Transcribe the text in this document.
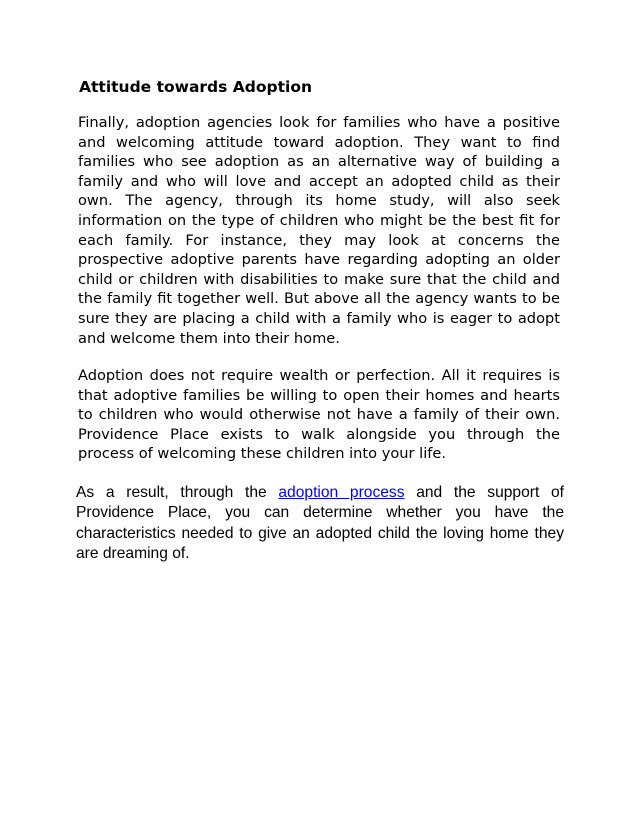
Attitude towards Adoption

Finally, adoption agencies look for families who have a positive and welcoming attitude toward adoption. They want to find families who see adoption as an alternative way of building a family and who will love and accept an adopted child as their own. The agency, through its home study, will also seek information on the type of children who might be the best fit for each family. For instance, they may look at concerns the prospective adoptive parents have regarding adopting an older child or children with disabilities to make sure that the child and the family fit together well. But above all the agency wants to be sure they are placing a child with a family who is eager to adopt and welcome them into their home.

Adoption does not require wealth or perfection. All it requires is that adoptive families be willing to open their homes and hearts to children who would otherwise not have a family of their own. Providence Place exists to walk alongside you through the process of welcoming these children into your life.

As a result, through the adoption process and the support of Providence Place, you can determine whether you have the characteristics needed to give an adopted child the loving home they are dreaming of.
